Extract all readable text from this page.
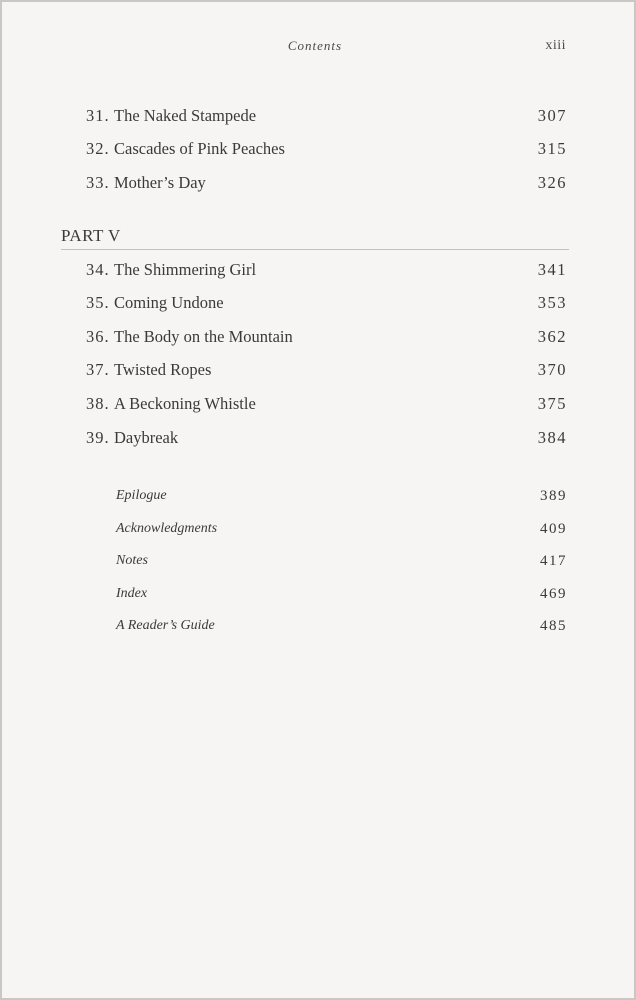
Contents	xiii
31. The Naked Stampede	307
32. Cascades of Pink Peaches	315
33. Mother’s Day	326
PART V
34. The Shimmering Girl	341
35. Coming Undone	353
36. The Body on the Mountain	362
37. Twisted Ropes	370
38. A Beckoning Whistle	375
39. Daybreak	384
Epilogue	389
Acknowledgments	409
Notes	417
Index	469
A Reader’s Guide	485
